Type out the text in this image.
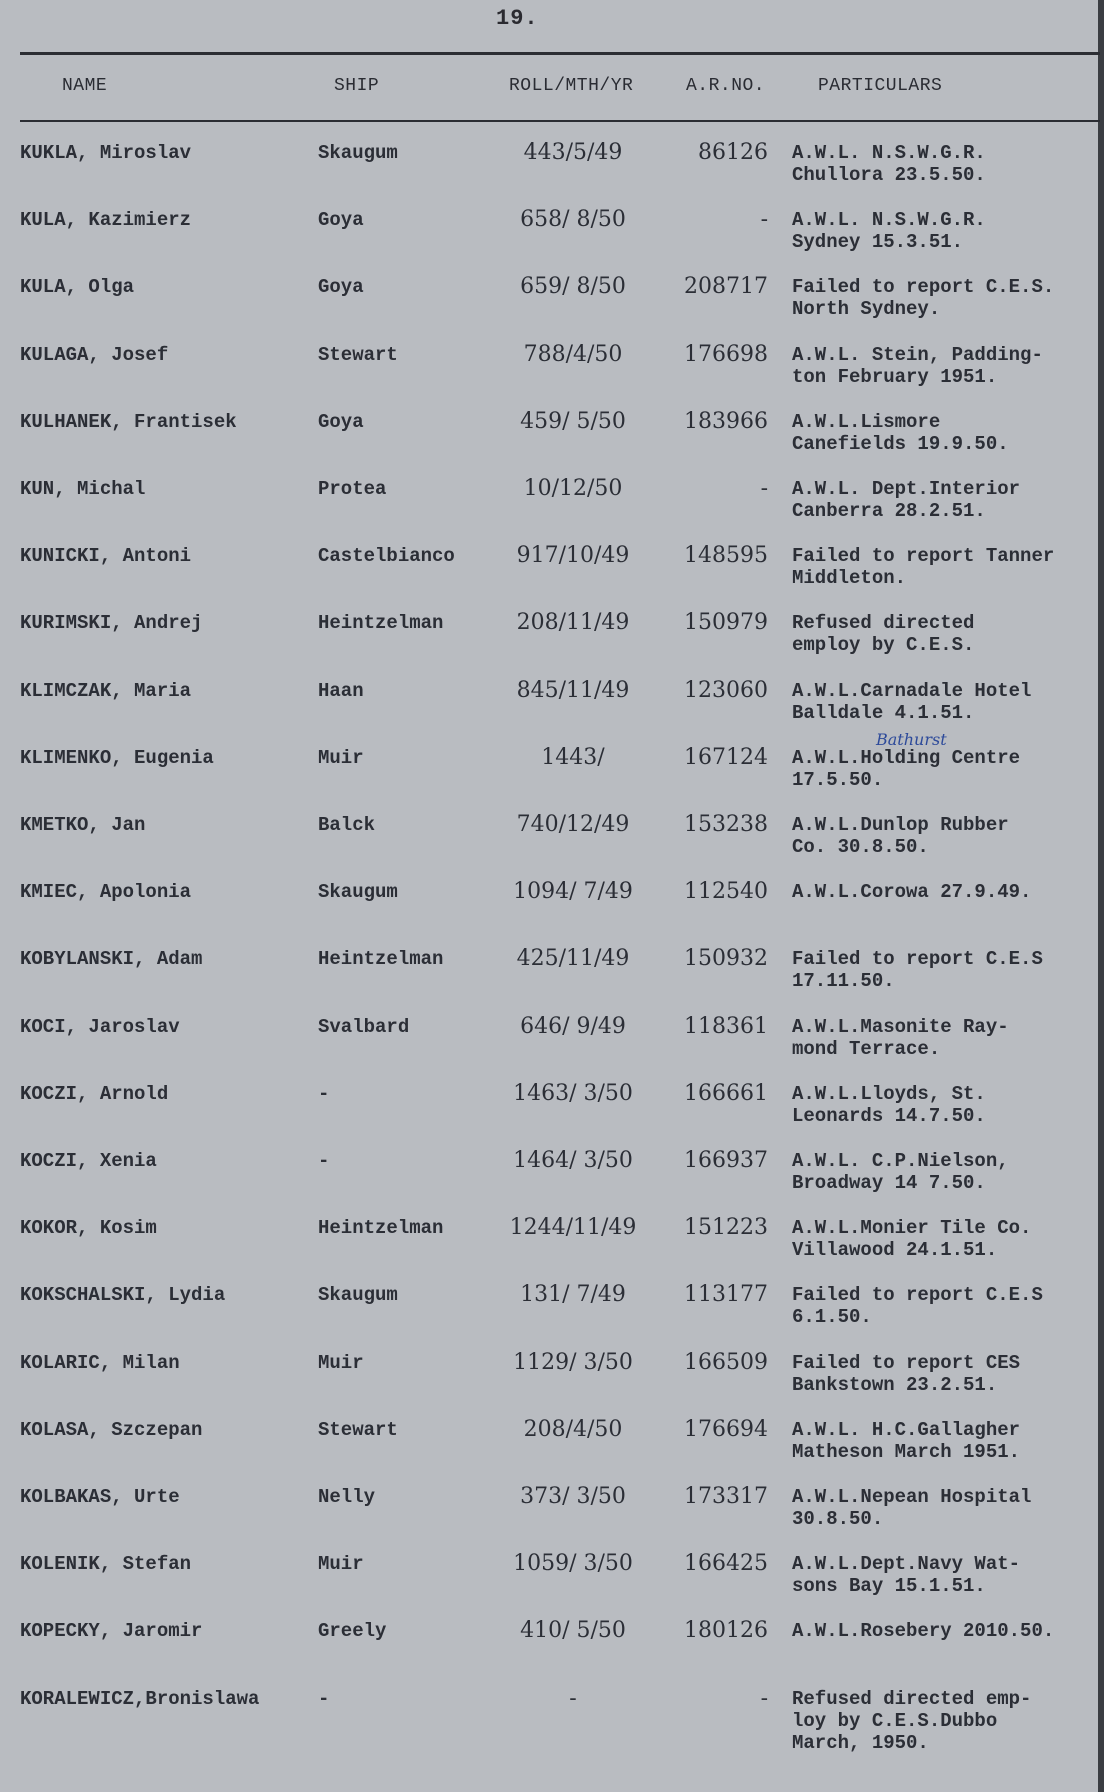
19.
NAME	SHIP	ROLL/MTH/YR	A.R.NO.	PARTICULARS
Bathurst
KUKLA, Miroslav	Skaugum	443/5/49	86126 A.W.L. N.S.W.G.R.
Chullora 23.5.50.
KULA, Kazimierz	Goya	658/ 8/50	- A.W.L. N.S.W.G.R.
Sydney 15.3.51.
KULA, Olga	Goya	659/ 8/50	208717 Failed to report C.E.S.
North Sydney.
KULAGA, Josef	Stewart	788/4/50	176698 A.W.L. Stein, Padding-
ton February 1951.
KULHANEK, Frantisek	Goya	459/ 5/50	183966 A.W.L.Lismore
Canefields 19.9.50.
KUN, Michal	Protea	10/12/50	- A.W.L. Dept.Interior
Canberra 28.2.51.
KUNICKI, Antoni	Castelbianco	917/10/49	148595 Failed to report Tanner
Middleton.
KURIMSKI, Andrej	Heintzelman	208/11/49	150979 Refused directed
employ by C.E.S.
KLIMCZAK, Maria	Haan	845/11/49	123060 A.W.L.Carnadale Hotel
Balldale 4.1.51.
KLIMENKO, Eugenia	Muir	1443/	167124 A.W.L.Holding Centre
17.5.50.
KMETKO, Jan	Balck	740/12/49	153238 A.W.L.Dunlop Rubber
Co. 30.8.50.
KMIEC, Apolonia	Skaugum	1094/ 7/49	112540 A.W.L.Corowa 27.9.49.
KOBYLANSKI, Adam	Heintzelman	425/11/49	150932 Failed to report C.E.S
17.11.50.
KOCI, Jaroslav	Svalbard	646/ 9/49	118361 A.W.L.Masonite Ray-
mond Terrace.
KOCZI, Arnold	-	1463/ 3/50	166661 A.W.L.Lloyds, St.
Leonards 14.7.50.
KOCZI, Xenia	-	1464/ 3/50	166937 A.W.L. C.P.Nielson,
Broadway 14 7.50.
KOKOR, Kosim	Heintzelman	1244/11/49	151223 A.W.L.Monier Tile Co.
Villawood 24.1.51.
KOKSCHALSKI, Lydia	Skaugum	131/ 7/49	113177 Failed to report C.E.S
6.1.50.
KOLARIC, Milan	Muir	1129/ 3/50	166509 Failed to report CES
Bankstown 23.2.51.
KOLASA, Szczepan	Stewart	208/4/50	176694 A.W.L. H.C.Gallagher
Matheson March 1951.
KOLBAKAS, Urte	Nelly	373/ 3/50	173317 A.W.L.Nepean Hospital
30.8.50.
KOLENIK, Stefan	Muir	1059/ 3/50	166425 A.W.L.Dept.Navy Wat-
sons Bay 15.1.51.
KOPECKY, Jaromir	Greely	410/ 5/50	180126 A.W.L.Rosebery 2010.50.
KORALEWICZ,Bronislawa	-	-	- Refused directed emp-
loy by C.E.S.Dubbo
March, 1950.
